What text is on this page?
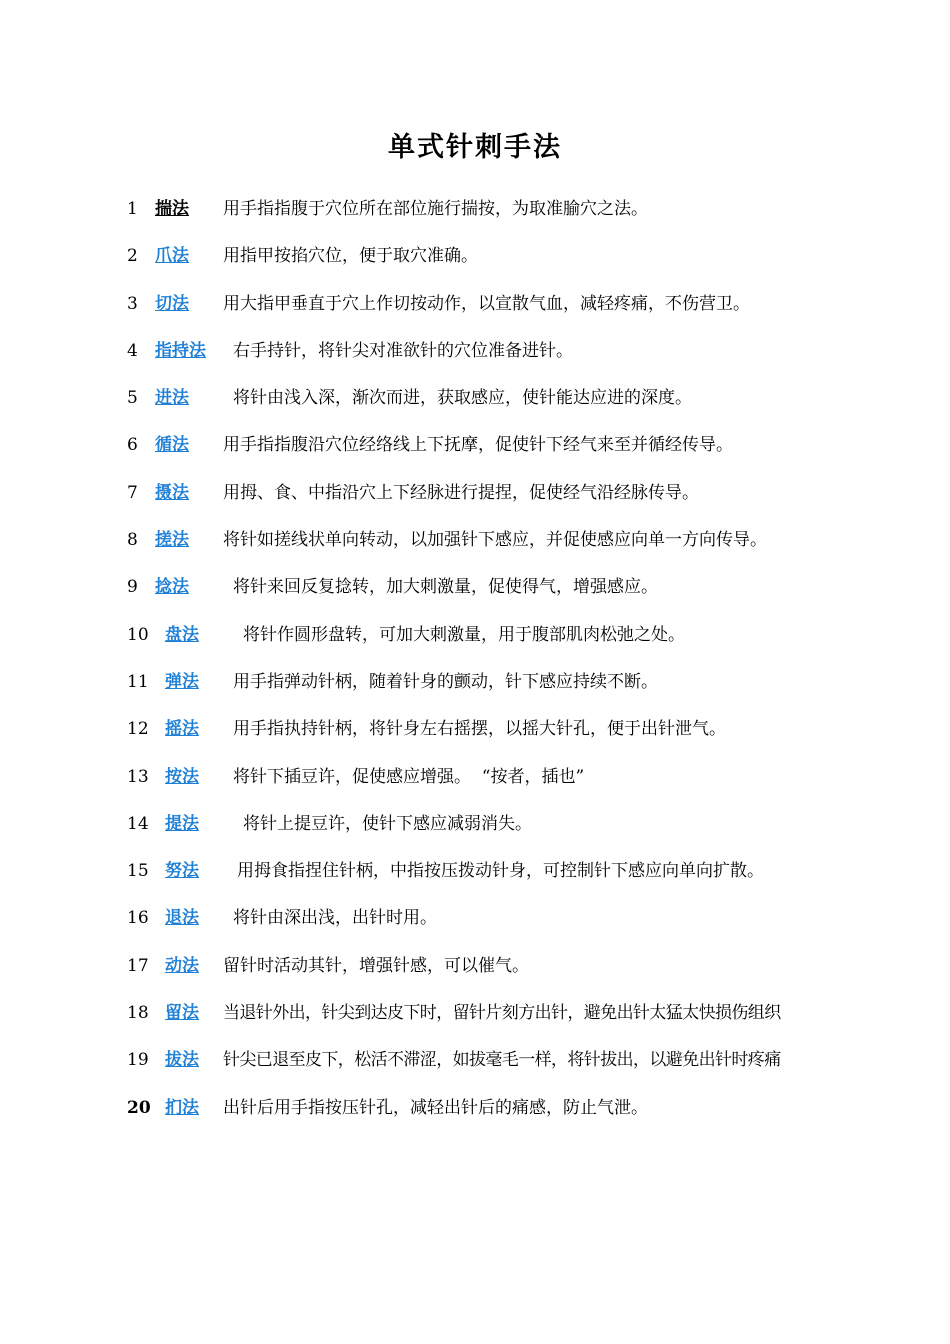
单式针刺手法
1 揣法 用手指指腹于穴位所在部位施行揣按，为取准腧穴之法。
2 爪法 用指甲按掐穴位，便于取穴准确。
3 切法 用大指甲垂直于穴上作切按动作，以宣散气血，减轻疼痛，不伤营卫。
4 指持法 右手持针，将针尖对准欲针的穴位准备进针。
5 进法	将针由浅入深，渐次而进，获取感应，使针能达应进的深度。
6 循法 用手指指腹沿穴位经络线上下抚摩，促使针下经气来至并循经传导。
7 摄法 用拇、食、中指沿穴上下经脉进行提捏，促使经气沿经脉传导。
8 搓法 将针如搓线状单向转动，以加强针下感应，并促使感应向单一方向传导。
9 捻法	将针来回反复捻转，加大刺激量，促使得气，增强感应。
10 盘法	将针作圆形盘转，可加大刺激量，用于腹部肌肉松弛之处。
11 弹法 用手指弹动针柄，随着针身的颤动，针下感应持续不断。
12 摇法 用手指执持针柄，将针身左右摇摆，以摇大针孔，便于出针泄气。
13 按法 将针下插豆许，促使感应增强。  “按者，插也”
14 提法	将针上提豆许，使针下感应减弱消失。
15 努法 用拇食指捏住针柄，中指按压拨动针身，可控制针下感应向单向扩散。
16 退法 将针由深出浅，出针时用。
17 动法 留针时活动其针，增强针感，可以催气。
18 留法 当退针外出，针尖到达皮下时，留针片刻方出针，避免出针太猛太快损伤组织
19 拔法 针尖已退至皮下，松活不滞涩，如拔毫毛一样，将针拔出，以避免出针时疼痛
20 扪法 出针后用手指按压针孔，减轻出针后的痛感，防止气泄。
